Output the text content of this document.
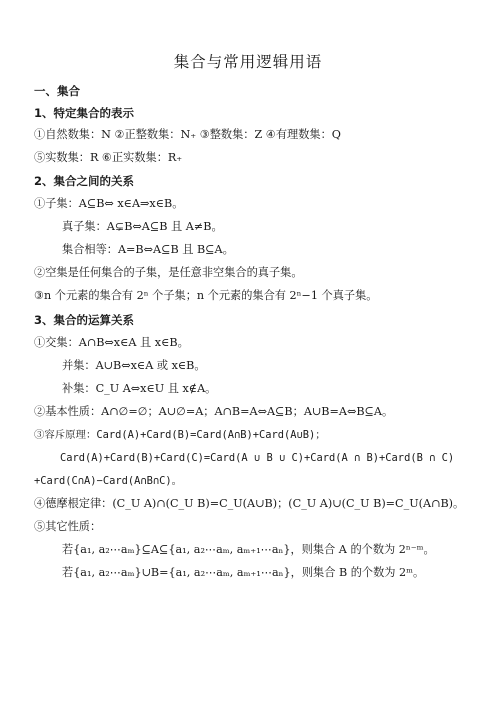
集合与常用逻辑用语
一、集合
1、特定集合的表示
①自然数集：N ②正整数集：N₊ ③整数集：Z ④有理数集：Q
⑤实数集：R ⑥正实数集：R₊
2、集合之间的关系
①子集：A⊆B⇔ x∈A⇒x∈B。
真子集：A⊊B⇔A⊆B 且 A≠B。
集合相等：A=B⇔A⊆B 且 B⊆A。
②空集是任何集合的子集，是任意非空集合的真子集。
③n 个元素的集合有 2ⁿ 个子集；n 个元素的集合有 2ⁿ−1 个真子集。
3、集合的运算关系
①交集：A∩B⇔x∈A 且 x∈B。
并集：A∪B⇔x∈A 或 x∈B。
补集：C_U A⇔x∈U 且 x∉A。
②基本性质：A∩∅=∅；A∪∅=A；A∩B=A⇔A⊆B；A∪B=A⇔B⊆A。
③容斥原理：Card(A)+Card(B)=Card(A∩B)+Card(A∪B)；
Card(A)+Card(B)+Card(C)=Card(A ∪ B ∪ C)+Card(A ∩ B)+Card(B ∩ C)
+Card(C∩A)−Card(A∩B∩C)。
④德摩根定律：(C_U A)∩(C_U B)=C_U(A∪B)；(C_U A)∪(C_U B)=C_U(A∩B)。
⑤其它性质：
若{a₁, a₂⋯aₘ}⊆A⊆{a₁, a₂⋯aₘ, aₘ₊₁⋯aₙ}，则集合 A 的个数为 2ⁿ⁻ᵐ。
若{a₁, a₂⋯aₘ}∪B={a₁, a₂⋯aₘ, aₘ₊₁⋯aₙ}，则集合 B 的个数为 2ᵐ。
